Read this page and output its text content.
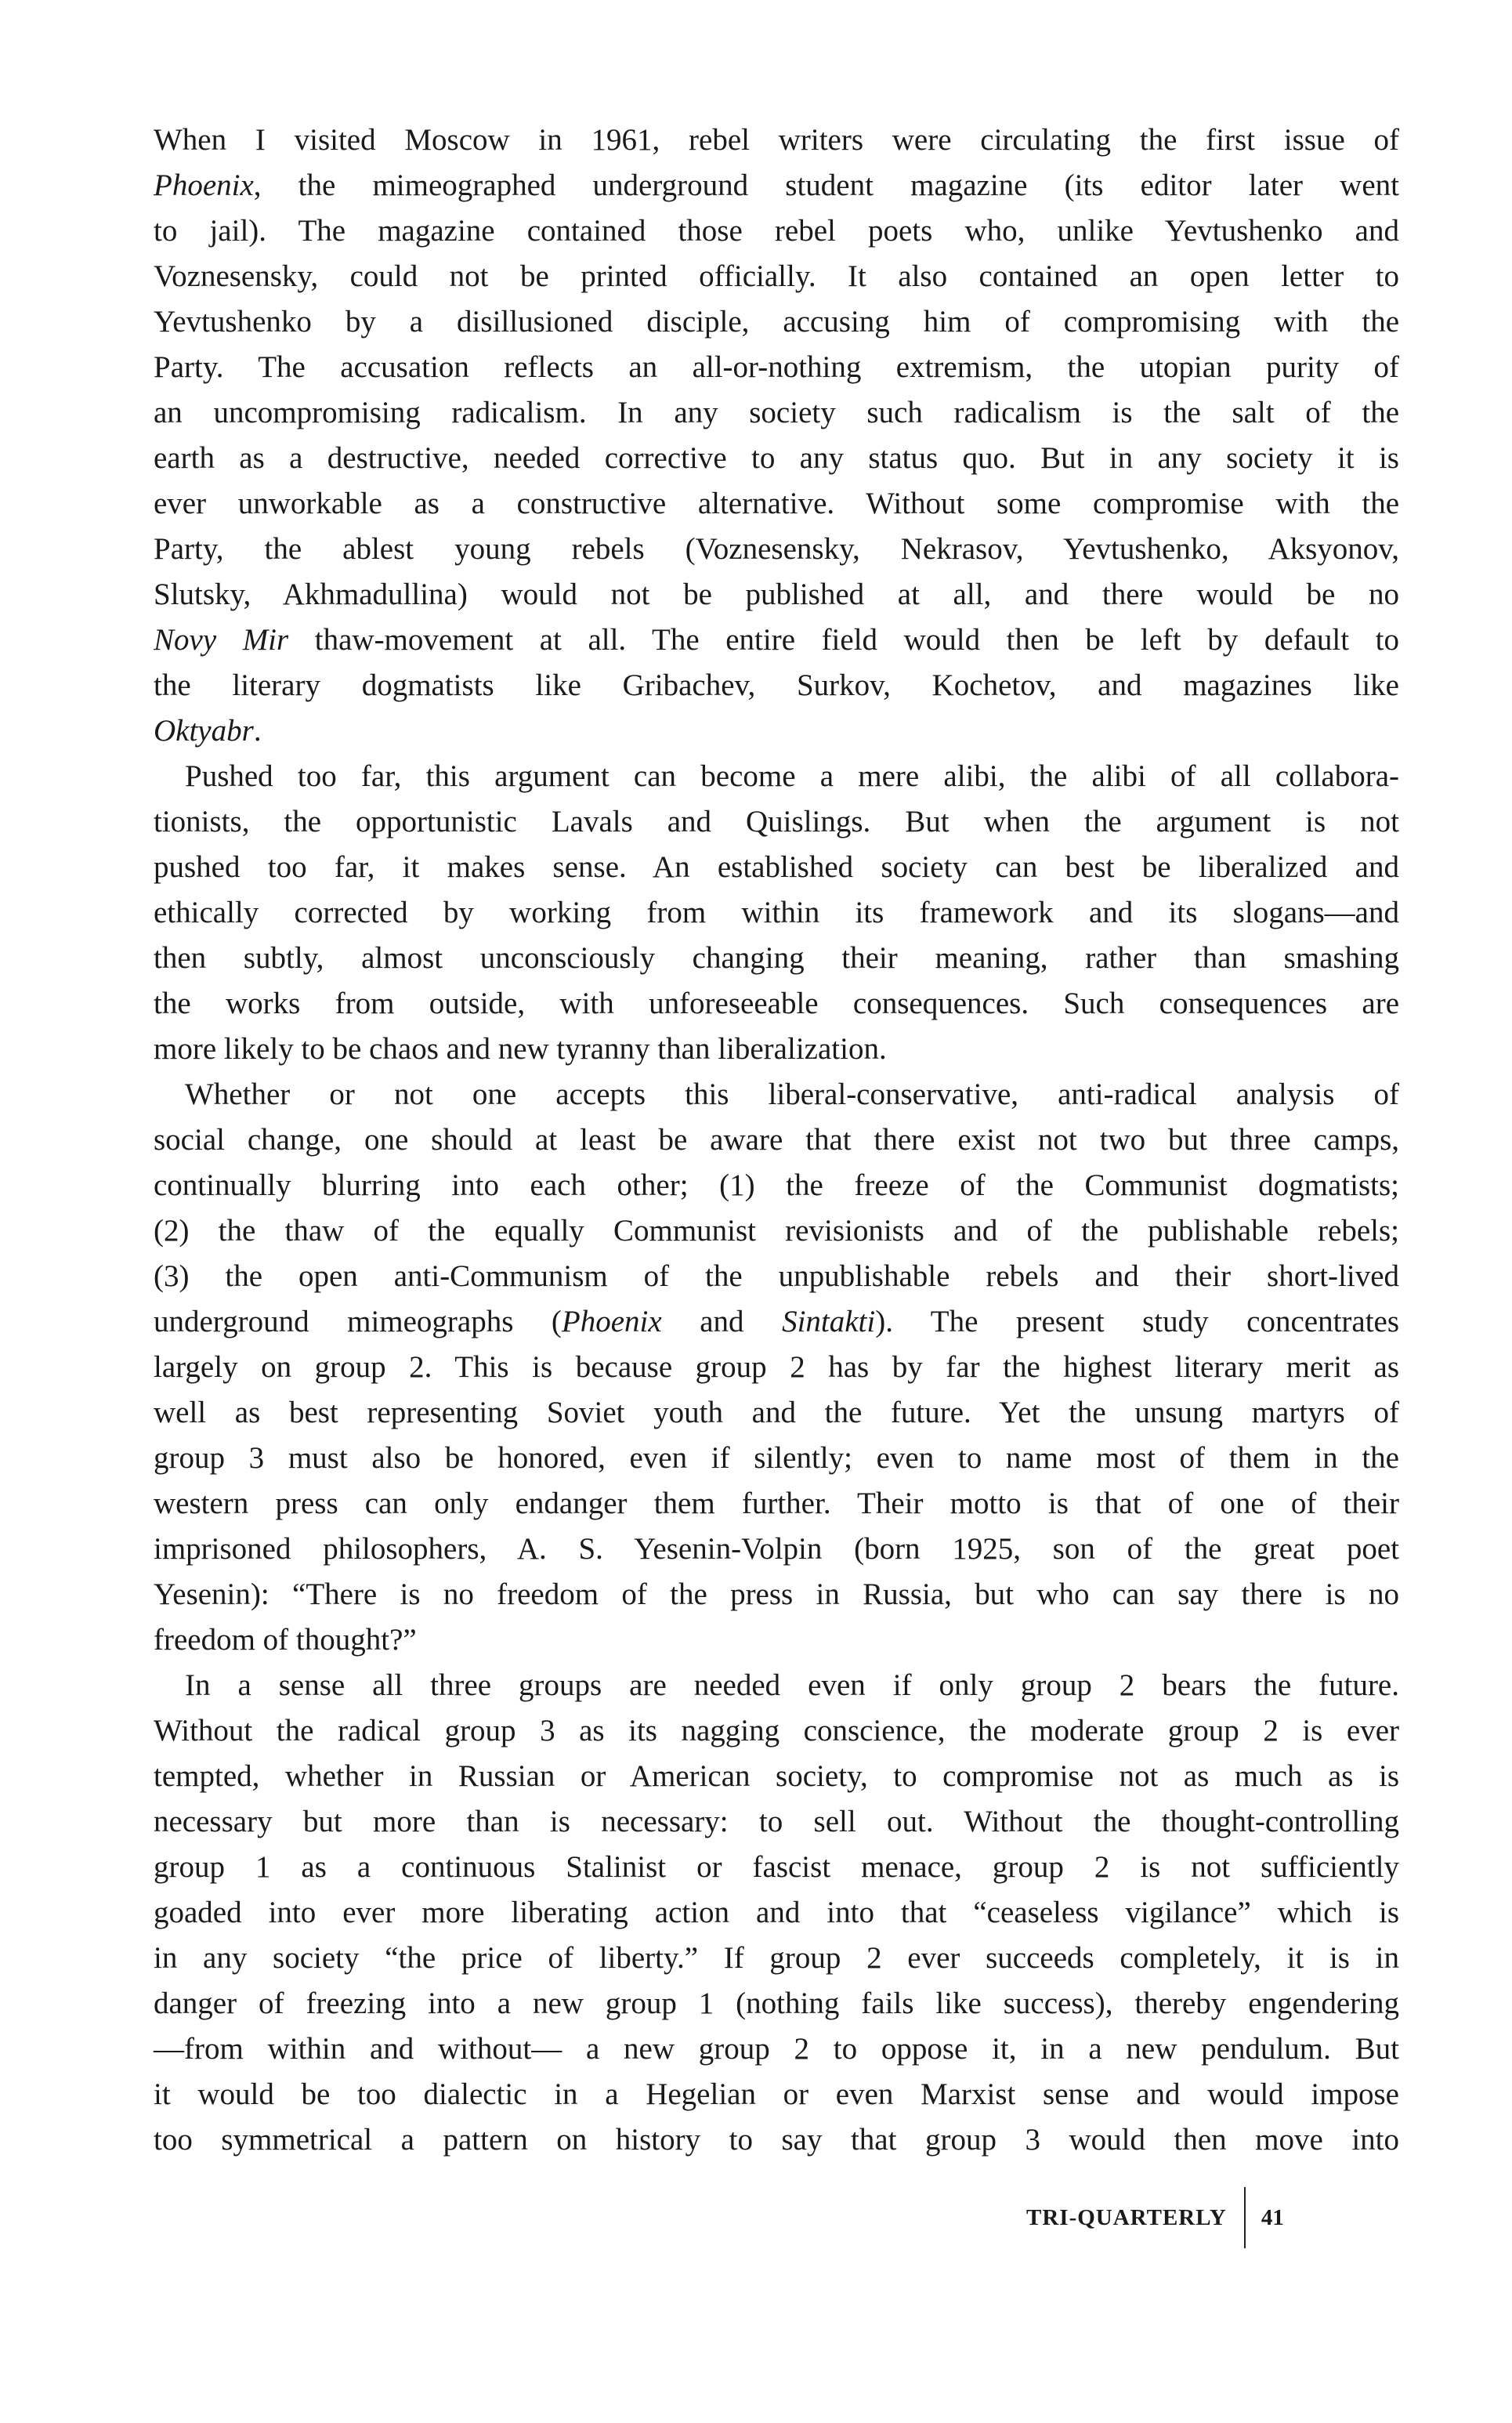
When I visited Moscow in 1961, rebel writers were circulating the first issue of
Phoenix, the mimeographed underground student magazine (its editor later went
to jail). The magazine contained those rebel poets who, unlike Yevtushenko and
Voznesensky, could not be printed officially. It also contained an open letter to
Yevtushenko by a disillusioned disciple, accusing him of compromising with the
Party. The accusation reflects an all-or-nothing extremism, the utopian purity of
an uncompromising radicalism. In any society such radicalism is the salt of the
earth as a destructive, needed corrective to any status quo. But in any society it is
ever unworkable as a constructive alternative. Without some compromise with the
Party, the ablest young rebels (Voznesensky, Nekrasov, Yevtushenko, Aksyonov,
Slutsky, Akhmadullina) would not be published at all, and there would be no
Novy Mir thaw-movement at all. The entire field would then be left by default to
the literary dogmatists like Gribachev, Surkov, Kochetov, and magazines like
Oktyabr.
Pushed too far, this argument can become a mere alibi, the alibi of all collabora-
tionists, the opportunistic Lavals and Quislings. But when the argument is not
pushed too far, it makes sense. An established society can best be liberalized and
ethically corrected by working from within its framework and its slogans—and
then subtly, almost unconsciously changing their meaning, rather than smashing
the works from outside, with unforeseeable consequences. Such consequences are
more likely to be chaos and new tyranny than liberalization.
Whether or not one accepts this liberal-conservative, anti-radical analysis of
social change, one should at least be aware that there exist not two but three camps,
continually blurring into each other; (1) the freeze of the Communist dogmatists;
(2) the thaw of the equally Communist revisionists and of the publishable rebels;
(3) the open anti-Communism of the unpublishable rebels and their short-lived
underground mimeographs (Phoenix and Sintakti). The present study concentrates
largely on group 2. This is because group 2 has by far the highest literary merit as
well as best representing Soviet youth and the future. Yet the unsung martyrs of
group 3 must also be honored, even if silently; even to name most of them in the
western press can only endanger them further. Their motto is that of one of their
imprisoned philosophers, A. S. Yesenin-Volpin (born 1925, son of the great poet
Yesenin): “There is no freedom of the press in Russia, but who can say there is no
freedom of thought?”
In a sense all three groups are needed even if only group 2 bears the future.
Without the radical group 3 as its nagging conscience, the moderate group 2 is ever
tempted, whether in Russian or American society, to compromise not as much as is
necessary but more than is necessary: to sell out. Without the thought-controlling
group 1 as a continuous Stalinist or fascist menace, group 2 is not sufficiently
goaded into ever more liberating action and into that “ceaseless vigilance” which is
in any society “the price of liberty.” If group 2 ever succeeds completely, it is in
danger of freezing into a new group 1 (nothing fails like success), thereby engendering
—from within and without— a new group 2 to oppose it, in a new pendulum. But
it would be too dialectic in a Hegelian or even Marxist sense and would impose
too symmetrical a pattern on history to say that group 3 would then move into
TRI-QUARTERLY	41
